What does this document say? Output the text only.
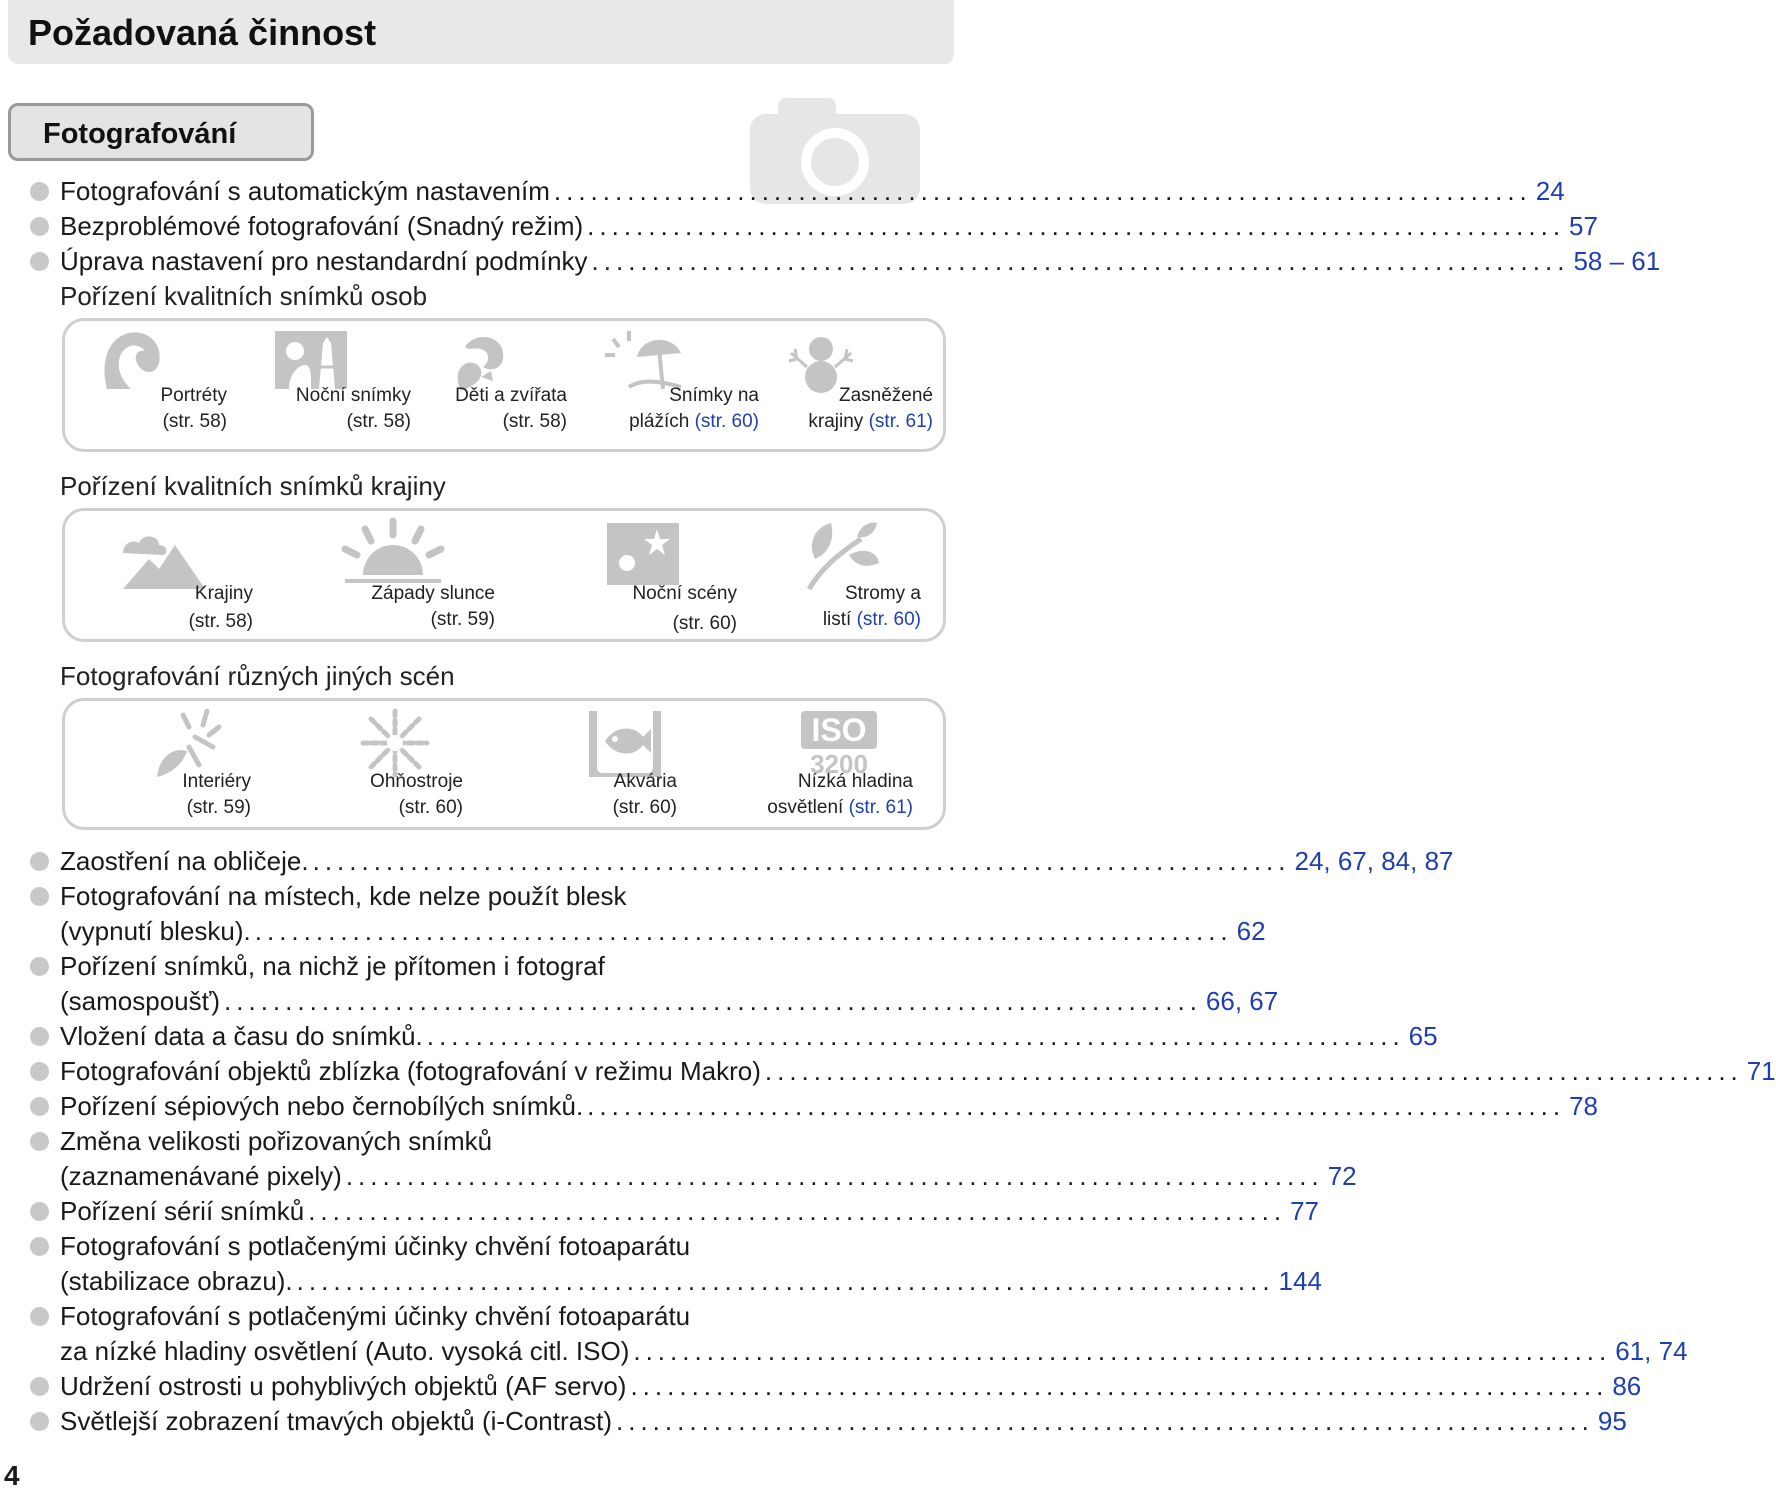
Požadovaná činnost
Fotografování
Fotografování s automatickým nastavením ................................................................................ 24
Bezproblémové fotografování (Snadný režim) ................................................................................ 57
Úprava nastavení pro nestandardní podmínky ................................................................................ 58 – 61
Pořízení kvalitních snímků osob
Portréty
(str. 58)
Noční snímky
(str. 58)
Děti a zvířata
(str. 58)
Snímky na
plážích (str. 60)
Zasněžené
krajiny (str. 61)
Pořízení kvalitních snímků krajiny
Krajiny
(str. 58)
Západy slunce
(str. 59)
Noční scény
(str. 60)
Stromy a
listí (str. 60)
Fotografování různých jiných scén
Interiéry
(str. 59)
Ohňostroje
(str. 60)
Akvária
(str. 60)
ISO
3200
Nízká hladina
osvětlení (str. 61)
Zaostření na obličeje. ................................................................................ 24, 67, 84, 87
Fotografování na místech, kde nelze použít blesk
(vypnutí blesku). ................................................................................ 62
Pořízení snímků, na nichž je přítomen i fotograf
(samospoušť) ................................................................................ 66, 67
Vložení data a času do snímků. ................................................................................ 65
Fotografování objektů zblízka (fotografování v režimu Makro) ................................................................................ 71
Pořízení sépiových nebo černobílých snímků. ................................................................................ 78
Změna velikosti pořizovaných snímků
(zaznamenávané pixely) ................................................................................ 72
Pořízení sérií snímků ................................................................................ 77
Fotografování s potlačenými účinky chvění fotoaparátu
(stabilizace obrazu). ................................................................................ 144
Fotografování s potlačenými účinky chvění fotoaparátu
za nízké hladiny osvětlení (Auto. vysoká citl. ISO) ................................................................................ 61, 74
Udržení ostrosti u pohyblivých objektů (AF servo) ................................................................................ 86
Světlejší zobrazení tmavých objektů (i-Contrast) ................................................................................ 95
4
